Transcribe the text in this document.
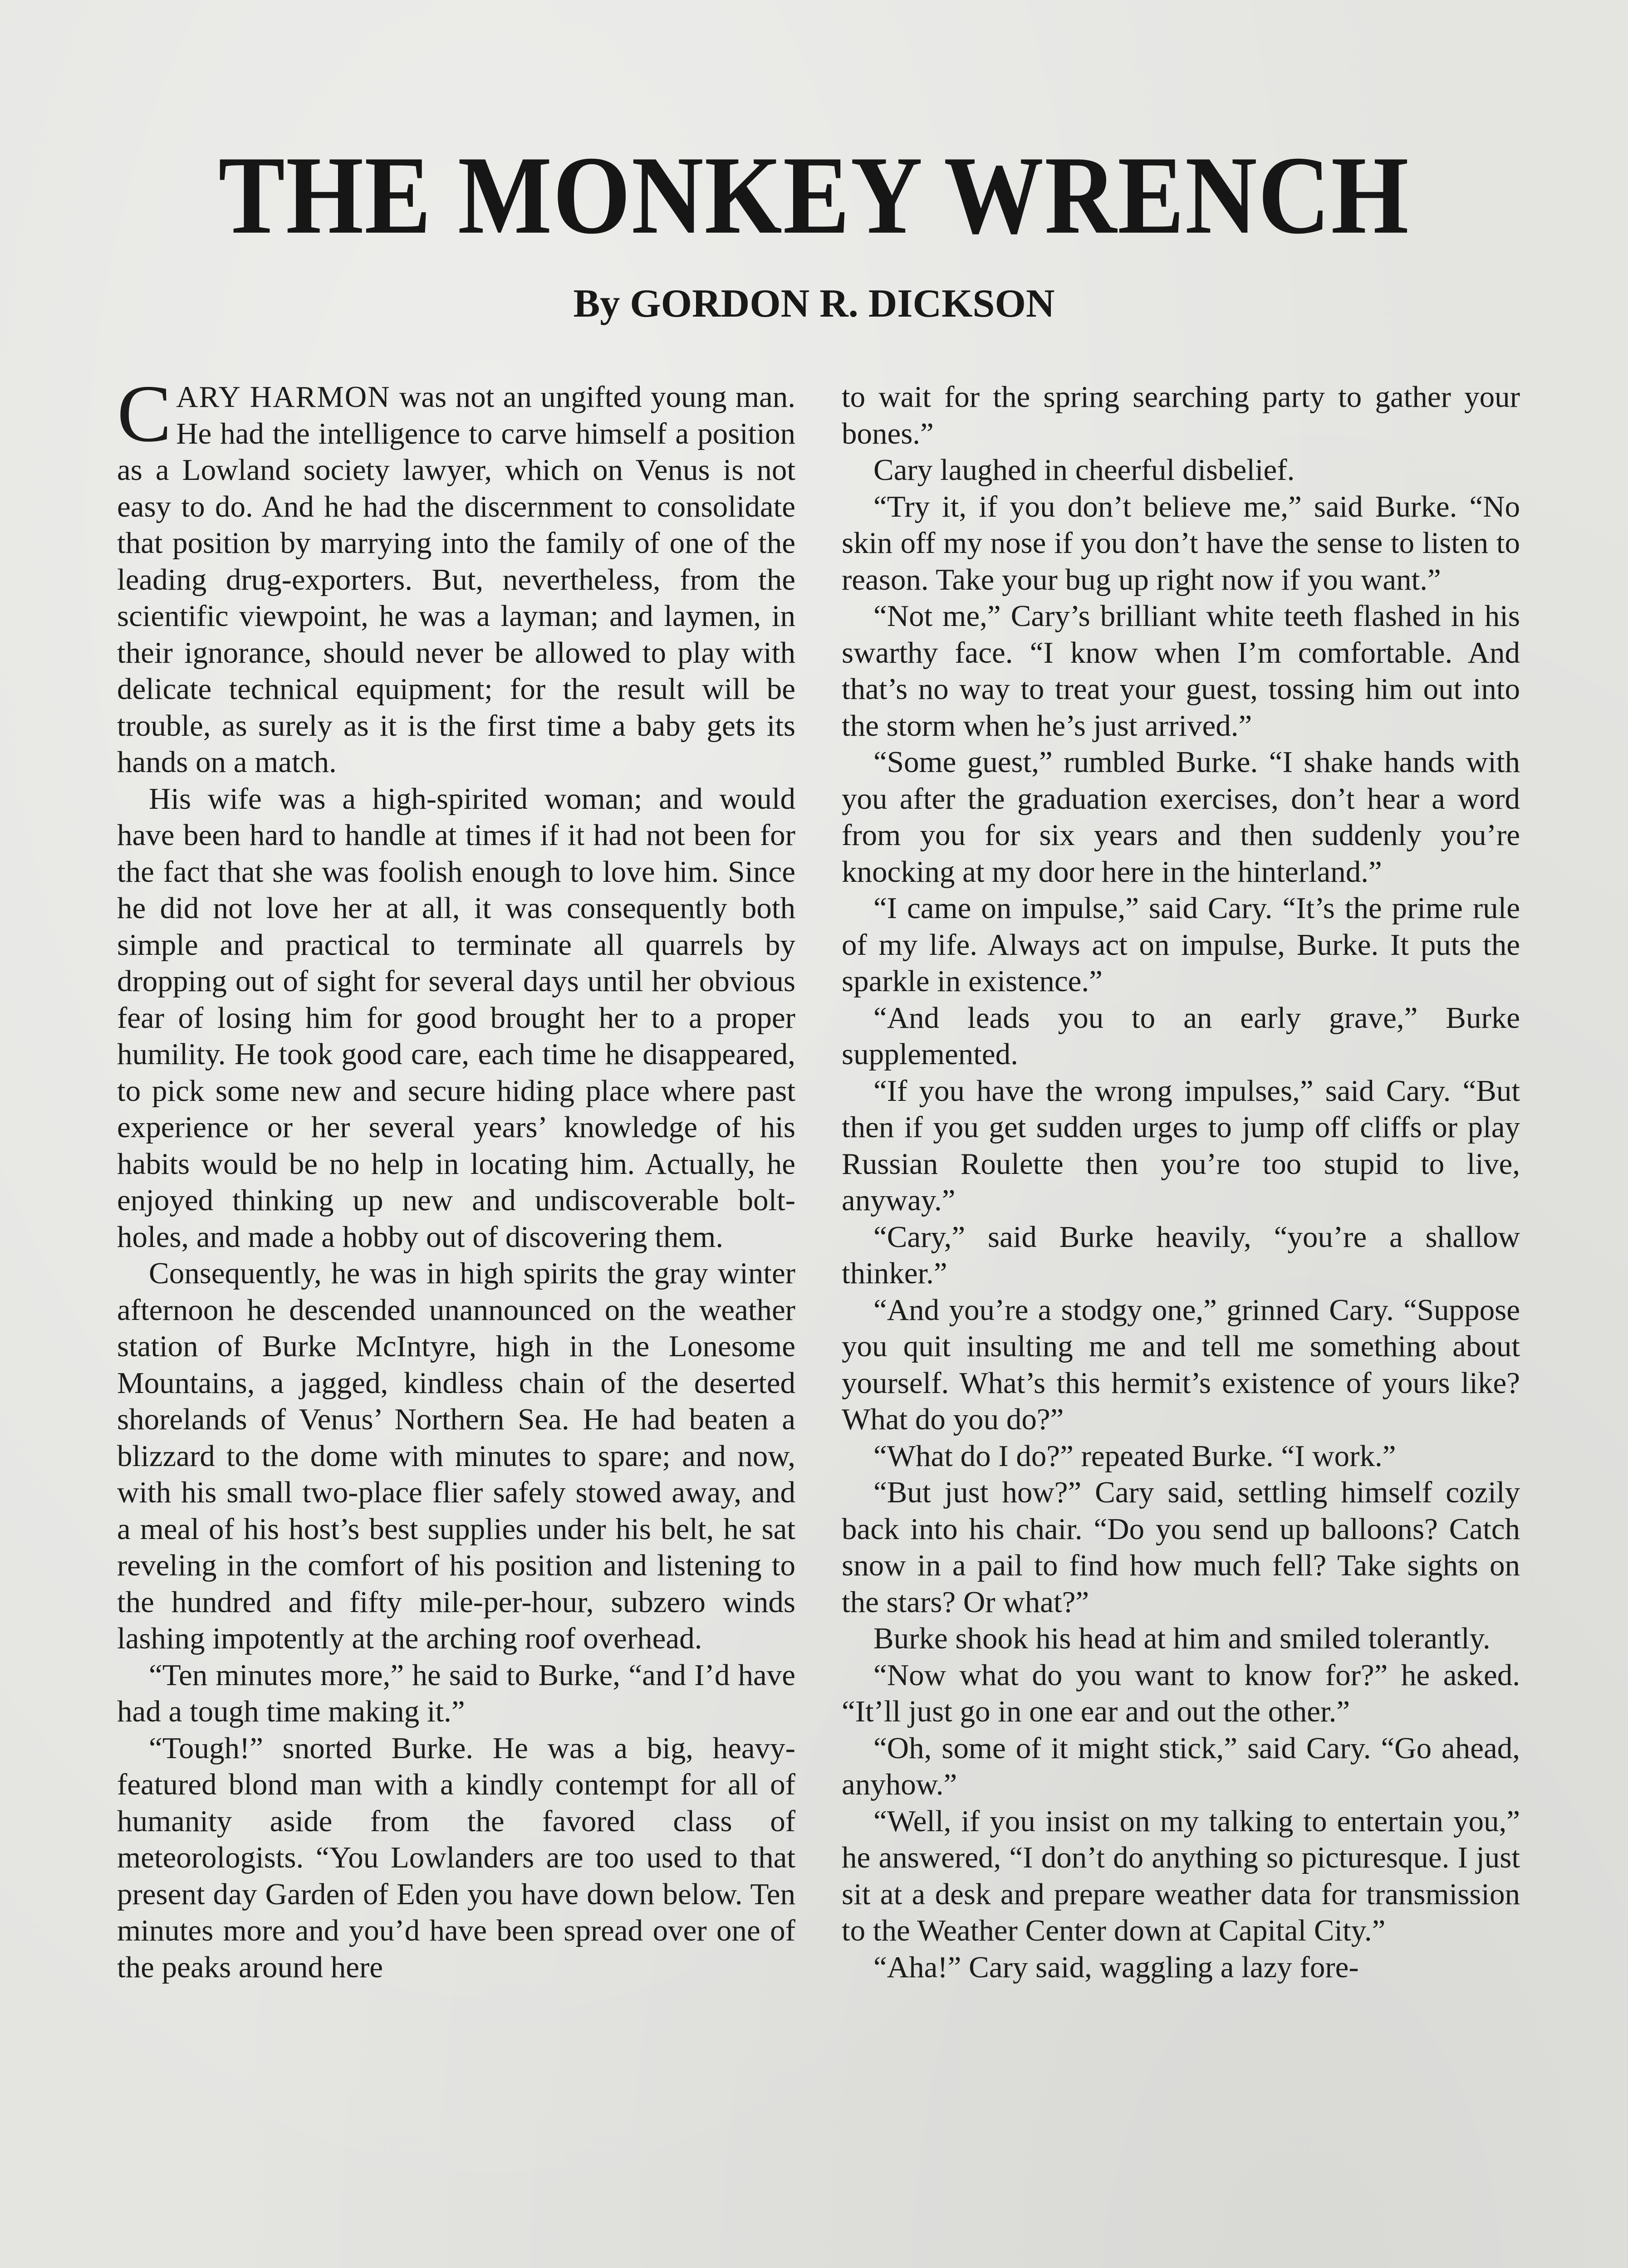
THE MONKEY WRENCH
By GORDON R. DICKSON

CARY HARMON was not an ungifted young man. He had the intelligence to carve himself a position as a Lowland society lawyer, which on Venus is not easy to do. And he had the discernment to consolidate that position by marrying into the family of one of the leading drug-exporters. But, nevertheless, from the scientific viewpoint, he was a layman; and laymen, in their ignorance, should never be allowed to play with delicate technical equipment; for the result will be trouble, as surely as it is the first time a baby gets its hands on a match.

His wife was a high-spirited woman; and would have been hard to handle at times if it had not been for the fact that she was foolish enough to love him. Since he did not love her at all, it was consequently both simple and practical to terminate all quarrels by dropping out of sight for several days until her obvious fear of losing him for good brought her to a proper humility. He took good care, each time he disappeared, to pick some new and secure hiding place where past experience or her several years’ knowledge of his habits would be no help in locating him. Actually, he enjoyed thinking up new and undiscoverable bolt-holes, and made a hobby out of discovering them.

Consequently, he was in high spirits the gray winter afternoon he descended unannounced on the weather station of Burke McIntyre, high in the Lonesome Mountains, a jagged, kindless chain of the deserted shorelands of Venus’ Northern Sea. He had beaten a blizzard to the dome with minutes to spare; and now, with his small two-place flier safely stowed away, and a meal of his host’s best supplies under his belt, he sat reveling in the comfort of his position and listening to the hundred and fifty mile-per-hour, subzero winds lashing impotently at the arching roof overhead.

“Ten minutes more,” he said to Burke, “and I’d have had a tough time making it.”

“Tough!” snorted Burke. He was a big, heavy-featured blond man with a kindly contempt for all of humanity aside from the favored class of meteorologists. “You Lowlanders are too used to that present day Garden of Eden you have down below. Ten minutes more and you’d have been spread over one of the peaks around here

to wait for the spring searching party to gather your bones.”

Cary laughed in cheerful disbelief.

“Try it, if you don’t believe me,” said Burke. “No skin off my nose if you don’t have the sense to listen to reason. Take your bug up right now if you want.”

“Not me,” Cary’s brilliant white teeth flashed in his swarthy face. “I know when I’m comfortable. And that’s no way to treat your guest, tossing him out into the storm when he’s just arrived.”

“Some guest,” rumbled Burke. “I shake hands with you after the graduation exercises, don’t hear a word from you for six years and then suddenly you’re knocking at my door here in the hinterland.”

“I came on impulse,” said Cary. “It’s the prime rule of my life. Always act on impulse, Burke. It puts the sparkle in existence.”

“And leads you to an early grave,” Burke supplemented.

“If you have the wrong impulses,” said Cary. “But then if you get sudden urges to jump off cliffs or play Russian Roulette then you’re too stupid to live, anyway.”

“Cary,” said Burke heavily, “you’re a shallow thinker.”

“And you’re a stodgy one,” grinned Cary. “Suppose you quit insulting me and tell me something about yourself. What’s this hermit’s existence of yours like? What do you do?”

“What do I do?” repeated Burke. “I work.”

“But just how?” Cary said, settling himself cozily back into his chair. “Do you send up balloons? Catch snow in a pail to find how much fell? Take sights on the stars? Or what?”

Burke shook his head at him and smiled tolerantly.

“Now what do you want to know for?” he asked. “It’ll just go in one ear and out the other.”

“Oh, some of it might stick,” said Cary. “Go ahead, anyhow.”

“Well, if you insist on my talking to entertain you,” he answered, “I don’t do anything so picturesque. I just sit at a desk and prepare weather data for transmission to the Weather Center down at Capital City.”

“Aha!” Cary said, waggling a lazy fore-
